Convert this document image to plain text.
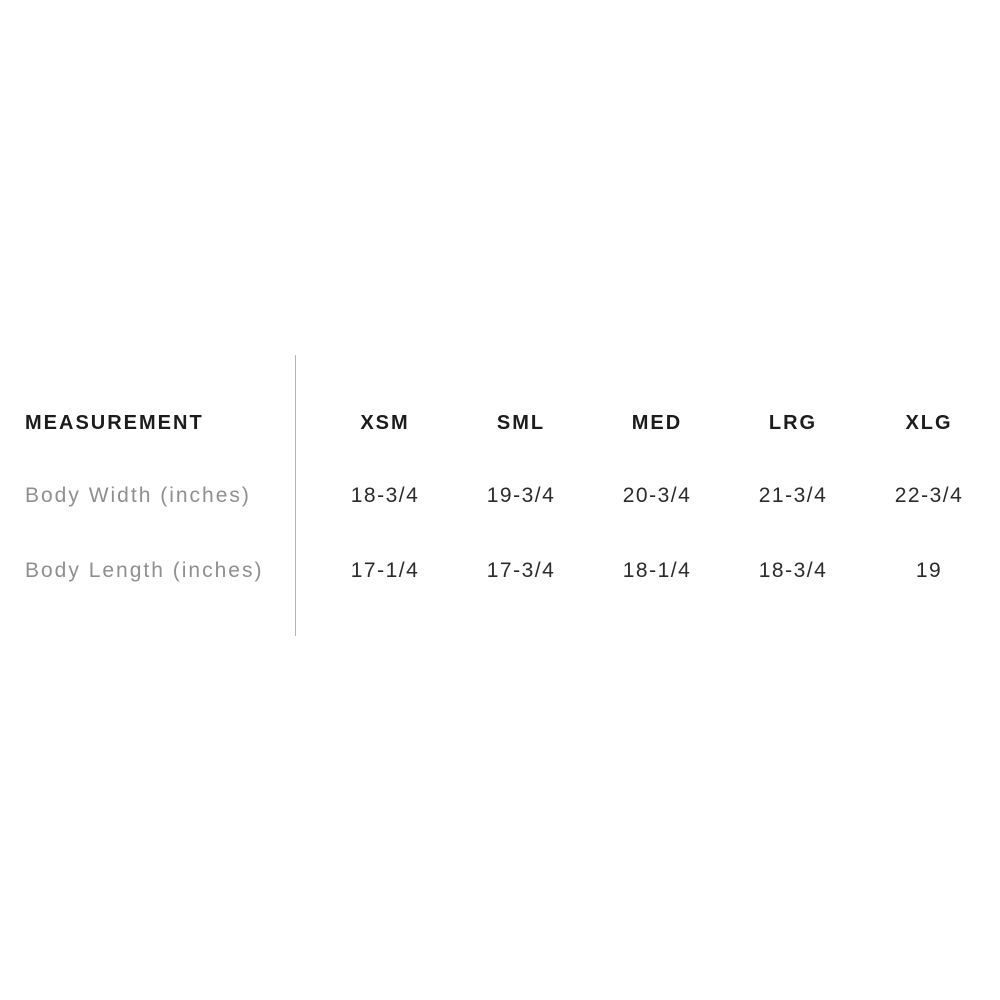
MEASUREMENT	XSM	SML	MED	LRG	XLG
Body Width (inches)	18-3/4	19-3/4	20-3/4	21-3/4	22-3/4
Body Length (inches)	17-1/4	17-3/4	18-1/4	18-3/4	19
